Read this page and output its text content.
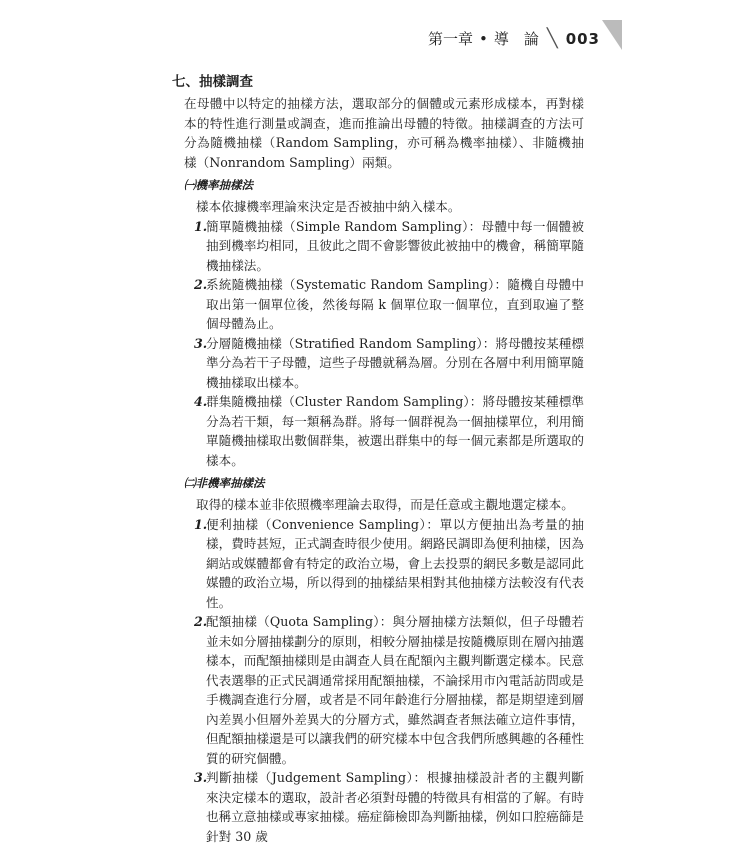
第一章 • 導　論 ╲ 003
七、抽樣調查

在母體中以特定的抽樣方法，選取部分的個體或元素形成樣本，再對樣本的特性進行測量或調查，進而推論出母體的特徵。抽樣調查的方法可分為隨機抽樣（Random Sampling，亦可稱為機率抽樣）、非隨機抽樣（Nonrandom Sampling）兩類。

㈠機率抽樣法

樣本依據機率理論來決定是否被抽中納入樣本。

1.
簡單隨機抽樣（Simple Random Sampling）：母體中每一個體被抽到機率均相同，且彼此之間不會影響彼此被抽中的機會，稱簡單隨機抽樣法。
2.
系統隨機抽樣（Systematic Random Sampling）：隨機自母體中取出第一個單位後，然後每隔 k 個單位取一個單位，直到取遍了整個母體為止。
3.
分層隨機抽樣（Stratified Random Sampling）：將母體按某種標準分為若干子母體，這些子母體就稱為層。分別在各層中利用簡單隨機抽樣取出樣本。
4.
群集隨機抽樣（Cluster Random Sampling）：將母體按某種標準分為若干類，每一類稱為群。將每一個群視為一個抽樣單位，利用簡單隨機抽樣取出數個群集，被選出群集中的每一個元素都是所選取的樣本。
㈡非機率抽樣法

取得的樣本並非依照機率理論去取得，而是任意或主觀地選定樣本。

1.
便利抽樣（Convenience Sampling）：單以方便抽出為考量的抽樣，費時甚短，正式調查時很少使用。網路民調即為便利抽樣，因為網站或媒體都會有特定的政治立場，會上去投票的網民多數是認同此媒體的政治立場，所以得到的抽樣結果相對其他抽樣方法較沒有代表性。
2.
配額抽樣（Quota Sampling）：與分層抽樣方法類似，但子母體若並未如分層抽樣劃分的原則，相較分層抽樣是按隨機原則在層內抽選樣本，而配額抽樣則是由調查人員在配額內主觀判斷選定樣本。民意代表選舉的正式民調通常採用配額抽樣，不論採用市內電話訪問或是手機調查進行分層，或者是不同年齡進行分層抽樣，都是期望達到層內差異小但層外差異大的分層方式，雖然調查者無法確立這件事情，但配額抽樣還是可以讓我們的研究樣本中包含我們所感興趣的各種性質的研究個體。
3.
判斷抽樣（Judgement Sampling）：根據抽樣設計者的主觀判斷來決定樣本的選取，設計者必須對母體的特徵具有相當的了解。有時也稱立意抽樣或專家抽樣。癌症篩檢即為判斷抽樣，例如口腔癌篩是針對 30 歲
